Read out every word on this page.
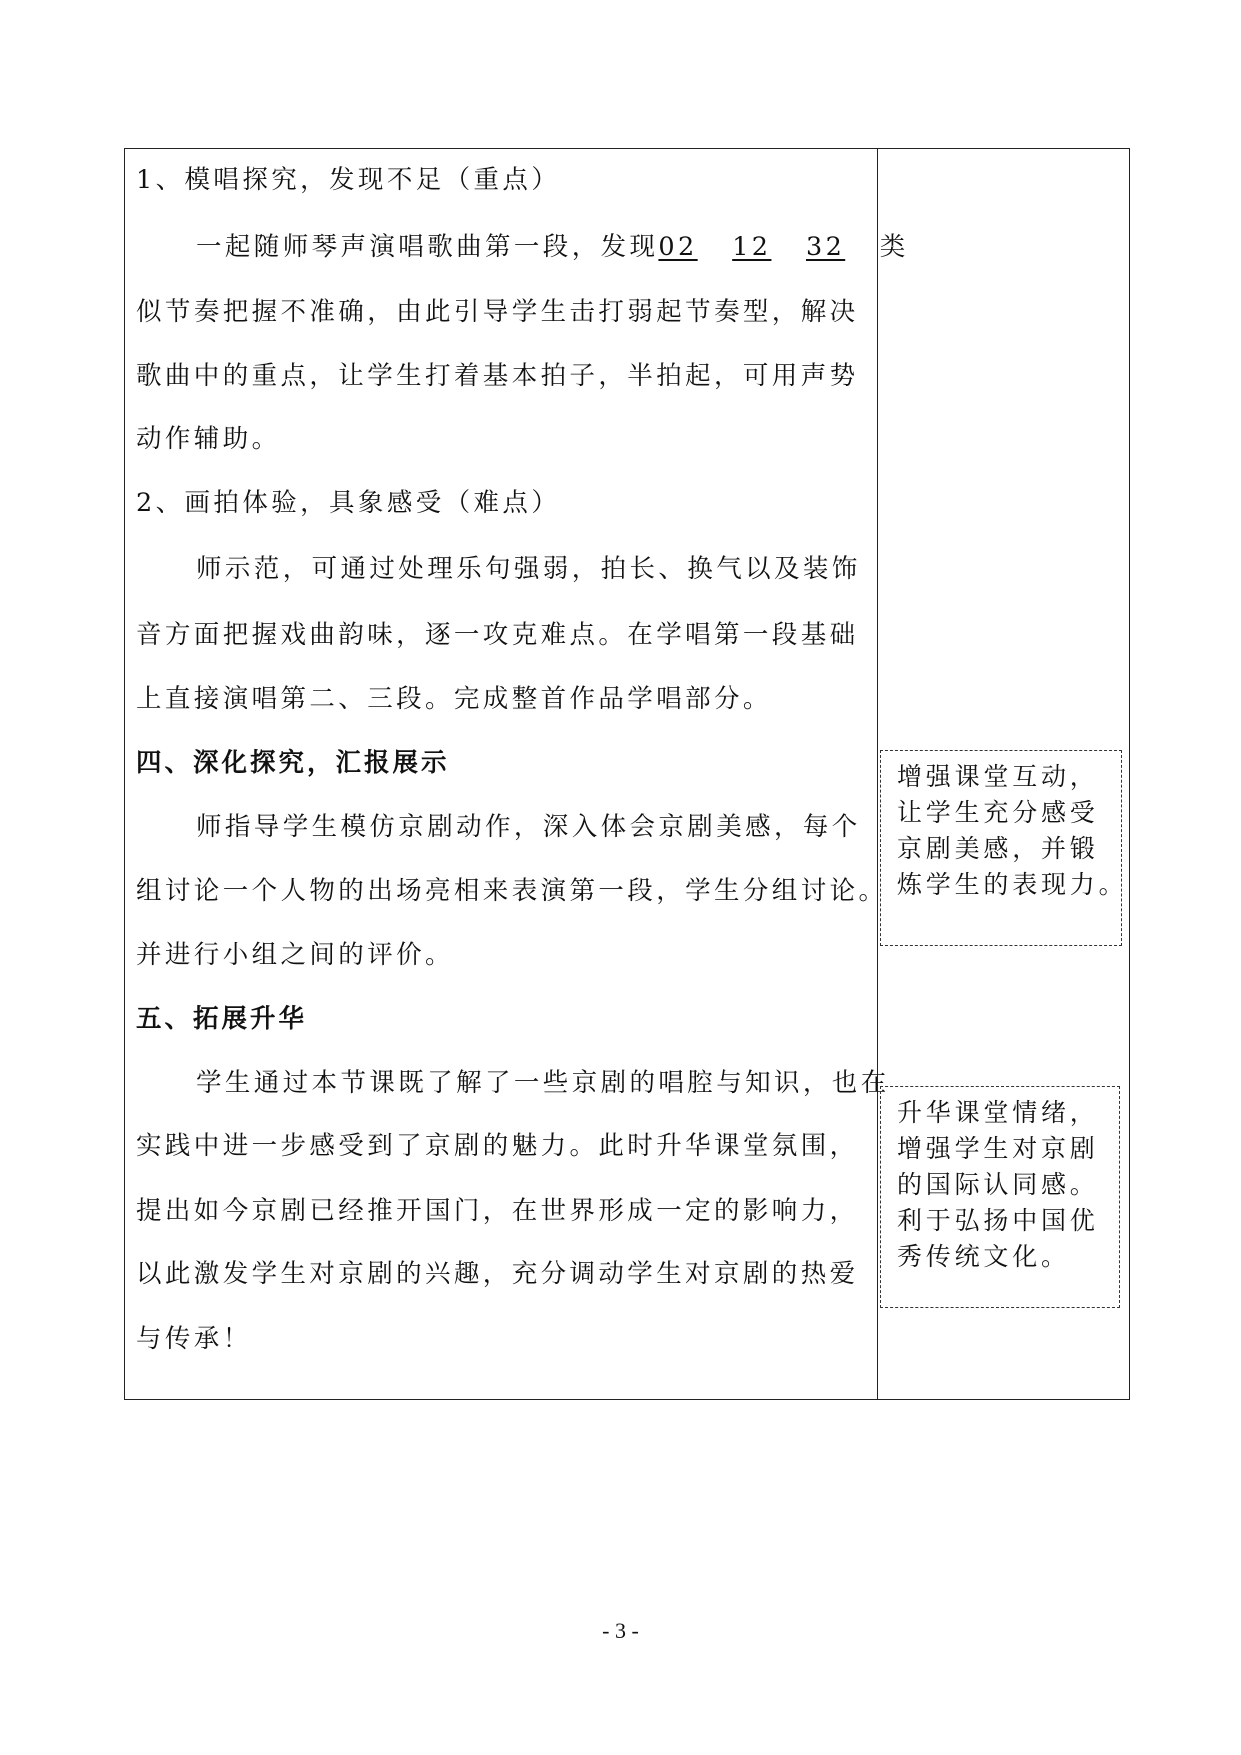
1、模唱探究，发现不足（重点）

一起随师琴声演唱歌曲第一段，发现02 12 32 类

似节奏把握不准确，由此引导学生击打弱起节奏型，解决

歌曲中的重点，让学生打着基本拍子，半拍起，可用声势

动作辅助。

2、画拍体验，具象感受（难点）

师示范，可通过处理乐句强弱，拍长、换气以及装饰

音方面把握戏曲韵味，逐一攻克难点。在学唱第一段基础

上直接演唱第二、三段。完成整首作品学唱部分。

四、深化探究，汇报展示

师指导学生模仿京剧动作，深入体会京剧美感，每个

组讨论一个人物的出场亮相来表演第一段，学生分组讨论。

并进行小组之间的评价。

五、拓展升华

学生通过本节课既了解了一些京剧的唱腔与知识，也在

实践中进一步感受到了京剧的魅力。此时升华课堂氛围，

提出如今京剧已经推开国门，在世界形成一定的影响力，

以此激发学生对京剧的兴趣，充分调动学生对京剧的热爱

与传承！

增强课堂互动，
让学生充分感受
京剧美感，并锻
炼学生的表现力。
升华课堂情绪，
增强学生对京剧
的国际认同感。
利于弘扬中国优
秀传统文化。
- 3 -
